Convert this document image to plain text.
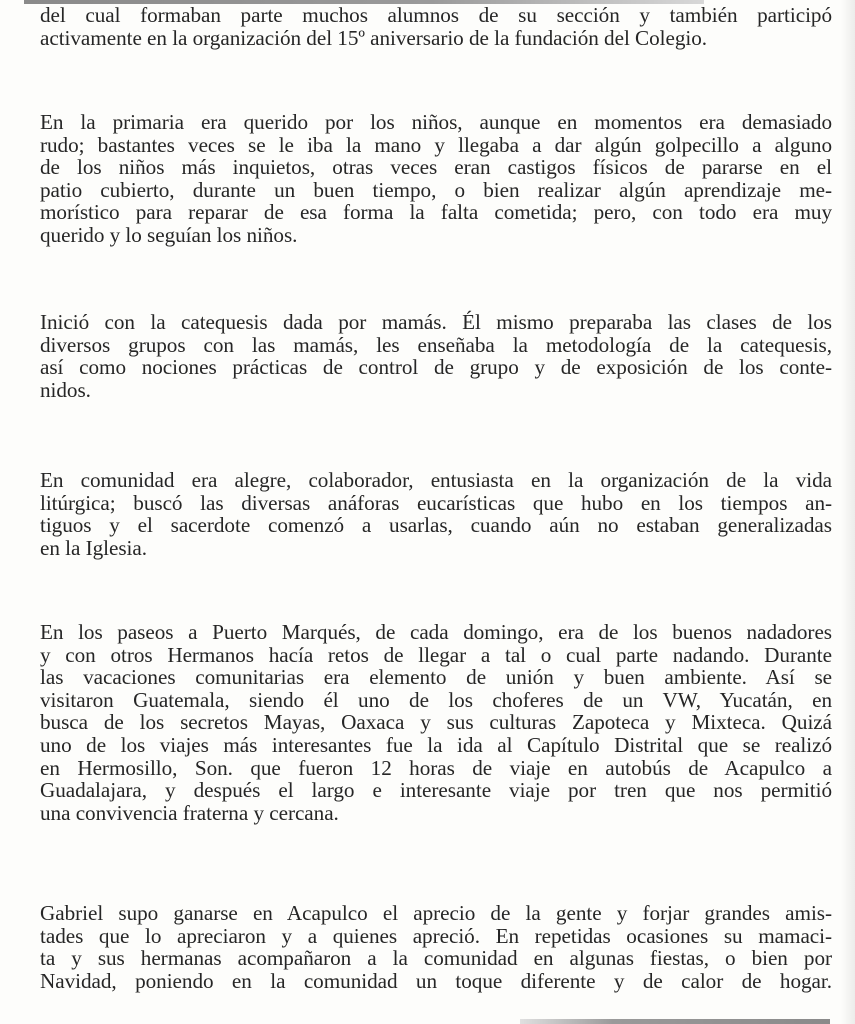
del cual formaban parte muchos alumnos de su sección y también participó
activamente en la organización del 15º aniversario de la fundación del Colegio.

En la primaria era querido por los niños, aunque en momentos era demasiado
rudo; bastantes veces se le iba la mano y llegaba a dar algún golpecillo a alguno
de los niños más inquietos, otras veces eran castigos físicos de pararse en el
patio cubierto, durante un buen tiempo, o bien realizar algún aprendizaje me-
morístico para reparar de esa forma la falta cometida; pero, con todo era muy
querido y lo seguían los niños.

Inició con la catequesis dada por mamás. Él mismo preparaba las clases de los
diversos grupos con las mamás, les enseñaba la metodología de la catequesis,
así como nociones prácticas de control de grupo y de exposición de los conte-
nidos.

En comunidad era alegre, colaborador, entusiasta en la organización de la vida
litúrgica; buscó las diversas anáforas eucarísticas que hubo en los tiempos an-
tiguos y el sacerdote comenzó a usarlas, cuando aún no estaban generalizadas
en la Iglesia.

En los paseos a Puerto Marqués, de cada domingo, era de los buenos nadadores
y con otros Hermanos hacía retos de llegar a tal o cual parte nadando. Durante
las vacaciones comunitarias era elemento de unión y buen ambiente. Así se
visitaron Guatemala, siendo él uno de los choferes de un VW, Yucatán, en
busca de los secretos Mayas, Oaxaca y sus culturas Zapoteca y Mixteca. Quizá
uno de los viajes más interesantes fue la ida al Capítulo Distrital que se realizó
en Hermosillo, Son. que fueron 12 horas de viaje en autobús de Acapulco a
Guadalajara, y después el largo e interesante viaje por tren que nos permitió
una convivencia fraterna y cercana.

Gabriel supo ganarse en Acapulco el aprecio de la gente y forjar grandes amis-
tades que lo apreciaron y a quienes apreció. En repetidas ocasiones su mamaci-
ta y sus hermanas acompañaron a la comunidad en algunas fiestas, o bien por
Navidad, poniendo en la comunidad un toque diferente y de calor de hogar.
